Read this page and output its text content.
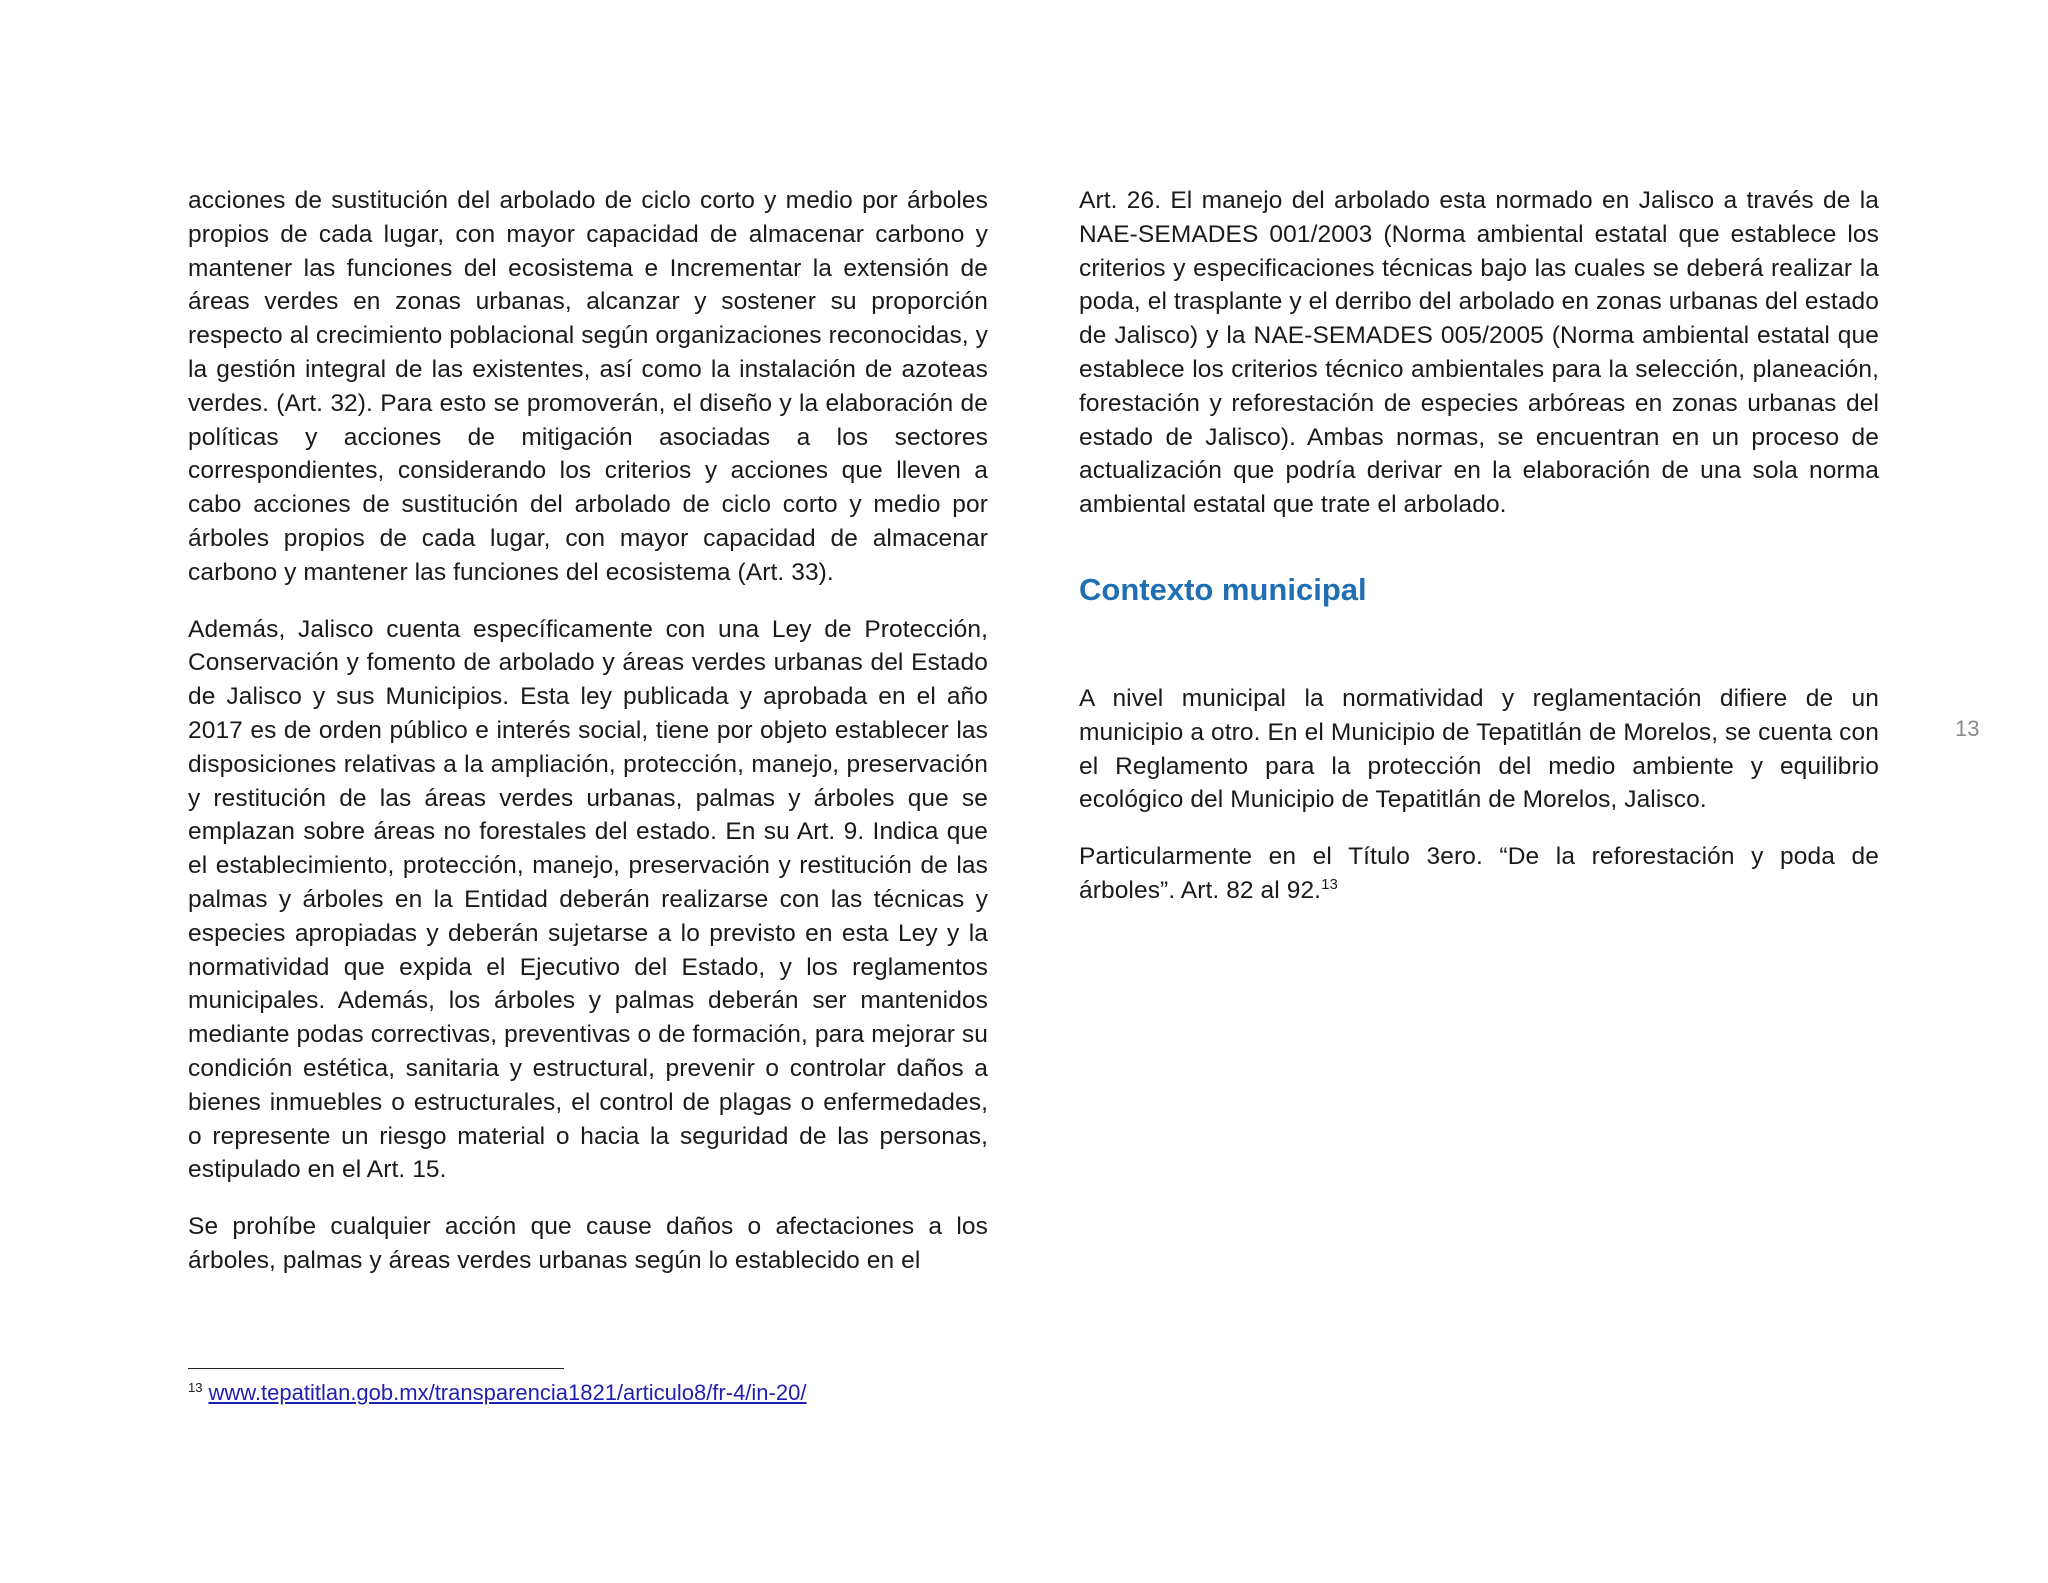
acciones de sustitución del arbolado de ciclo corto y medio por árboles propios de cada lugar, con mayor capacidad de almacenar carbono y mantener las funciones del ecosistema e Incrementar la extensión de áreas verdes en zonas urbanas, alcanzar y sostener su proporción respecto al crecimiento poblacional según organizaciones reconocidas, y la gestión integral de las existentes, así como la instalación de azoteas verdes. (Art. 32). Para esto se promoverán, el diseño y la elaboración de políticas y acciones de mitigación asociadas a los sectores correspondientes, considerando los criterios y acciones que lleven a cabo acciones de sustitución del arbolado de ciclo corto y medio por árboles propios de cada lugar, con mayor capacidad de almacenar carbono y mantener las funciones del ecosistema (Art. 33).

Además, Jalisco cuenta específicamente con una Ley de Protección, Conservación y fomento de arbolado y áreas verdes urbanas del Estado de Jalisco y sus Municipios. Esta ley publicada y aprobada en el año 2017 es de orden público e interés social, tiene por objeto establecer las disposiciones relativas a la ampliación, protección, manejo, preservación y restitución de las áreas verdes urbanas, palmas y árboles que se emplazan sobre áreas no forestales del estado. En su Art. 9. Indica que el establecimiento, protección, manejo, preservación y restitución de las palmas y árboles en la Entidad deberán realizarse con las técnicas y especies apropiadas y deberán sujetarse a lo previsto en esta Ley y la normatividad que expida el Ejecutivo del Estado, y los reglamentos municipales. Además, los árboles y palmas deberán ser mantenidos mediante podas correctivas, preventivas o de formación, para mejorar su condición estética, sanitaria y estructural, prevenir o controlar daños a bienes inmuebles o estructurales, el control de plagas o enfermedades, o represente un riesgo material o hacia la seguridad de las personas, estipulado en el Art. 15.

Se prohíbe cualquier acción que cause daños o afectaciones a los árboles, palmas y áreas verdes urbanas según lo establecido en el

Art. 26. El manejo del arbolado esta normado en Jalisco a través de la NAE-SEMADES 001/2003 (Norma ambiental estatal que establece los criterios y especificaciones técnicas bajo las cuales se deberá realizar la poda, el trasplante y el derribo del arbolado en zonas urbanas del estado de Jalisco) y la NAE-SEMADES 005/2005 (Norma ambiental estatal que establece los criterios técnico ambientales para la selección, planeación, forestación y reforestación de especies arbóreas en zonas urbanas del estado de Jalisco). Ambas normas, se encuentran en un proceso de actualización que podría derivar en la elaboración de una sola norma ambiental estatal que trate el arbolado.

Contexto municipal

A nivel municipal la normatividad y reglamentación difiere de un municipio a otro. En el Municipio de Tepatitlán de Morelos, se cuenta con el Reglamento para la protección del medio ambiente y equilibrio ecológico del Municipio de Tepatitlán de Morelos, Jalisco.

Particularmente en el Título 3ero. “De la reforestación y poda de árboles”. Art. 82 al 92.13

$^{13}$ www.tepatitlan.gob.mx/transparencia1821/articulo8/fr-4/in-20/
13
